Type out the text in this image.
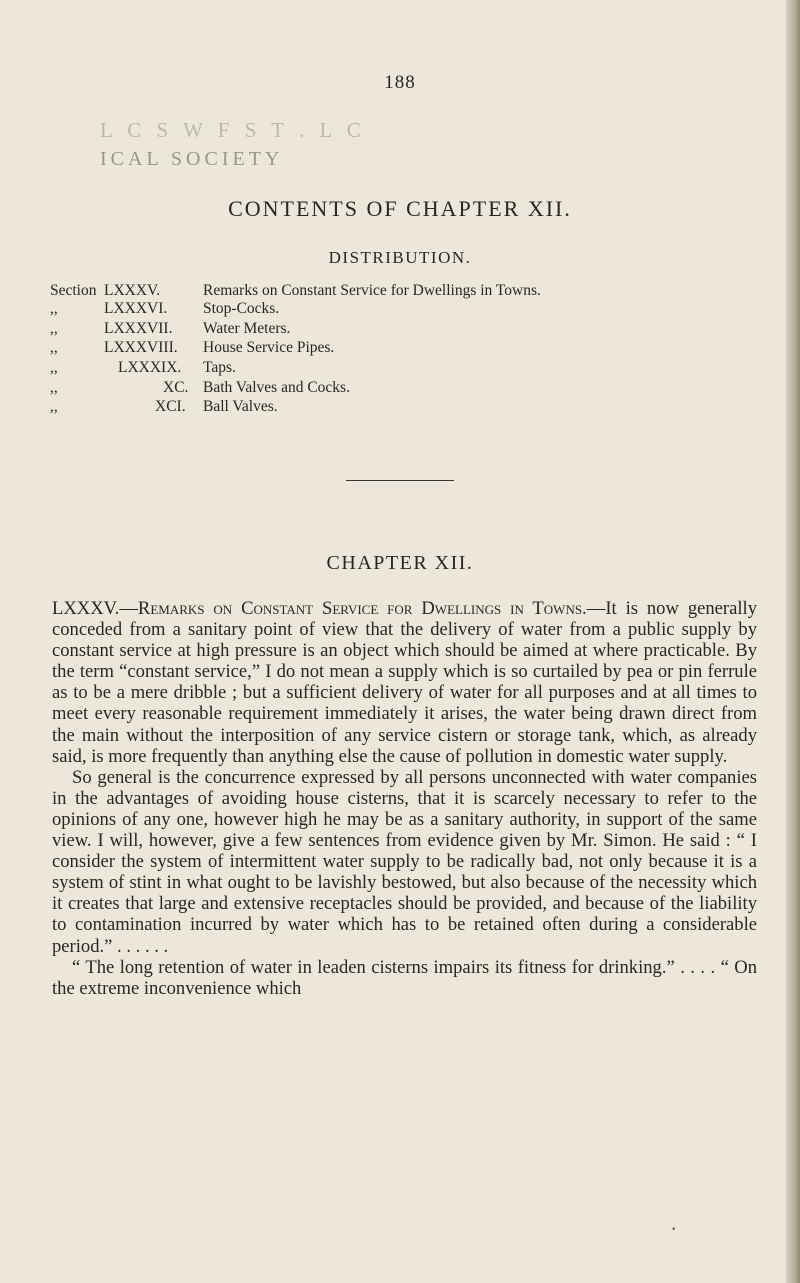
188
L C S W F S T . L C
ICAL SOCIETY
CONTENTS OF CHAPTER XII.
DISTRIBUTION.
Section LXXXV.	Remarks on Constant Service for Dwellings in Towns.
,,	LXXXVI.	Stop-Cocks.
,,	LXXXVII.	Water Meters.
,,	LXXXVIII.	House Service Pipes.
,,	LXXXIX.	Taps.
,,	XC. Bath Valves and Cocks.
,,	XCI.	Ball Valves.
CHAPTER XII.

LXXXV.—Remarks on Constant Service for Dwellings in Towns.—It is now generally conceded from a sanitary point of view that the delivery of water from a public supply by constant service at high pressure is an object which should be aimed at where practicable. By the term “constant service,” I do not mean a supply which is so curtailed by pea or pin ferrule as to be a mere dribble ; but a sufficient delivery of water for all purposes and at all times to meet every reasonable requirement immediately it arises, the water being drawn direct from the main without the interposition of any service cistern or storage tank, which, as already said, is more frequently than anything else the cause of pollution in domestic water supply.

So general is the concurrence expressed by all persons unconnected with water companies in the advantages of avoiding house cisterns, that it is scarcely necessary to refer to the opinions of any one, however high he may be as a sanitary authority, in support of the same view. I will, however, give a few sentences from evidence given by Mr. Simon. He said : “ I consider the system of intermittent water supply to be radically bad, not only because it is a system of stint in what ought to be lavishly bestowed, but also because of the necessity which it creates that large and extensive receptacles should be provided, and because of the liability to contamination incurred by water which has to be retained often during a considerable period.” . . . . . .

“ The long retention of water in leaden cisterns impairs its fitness for drinking.” . . . . “ On the extreme inconvenience which

·
